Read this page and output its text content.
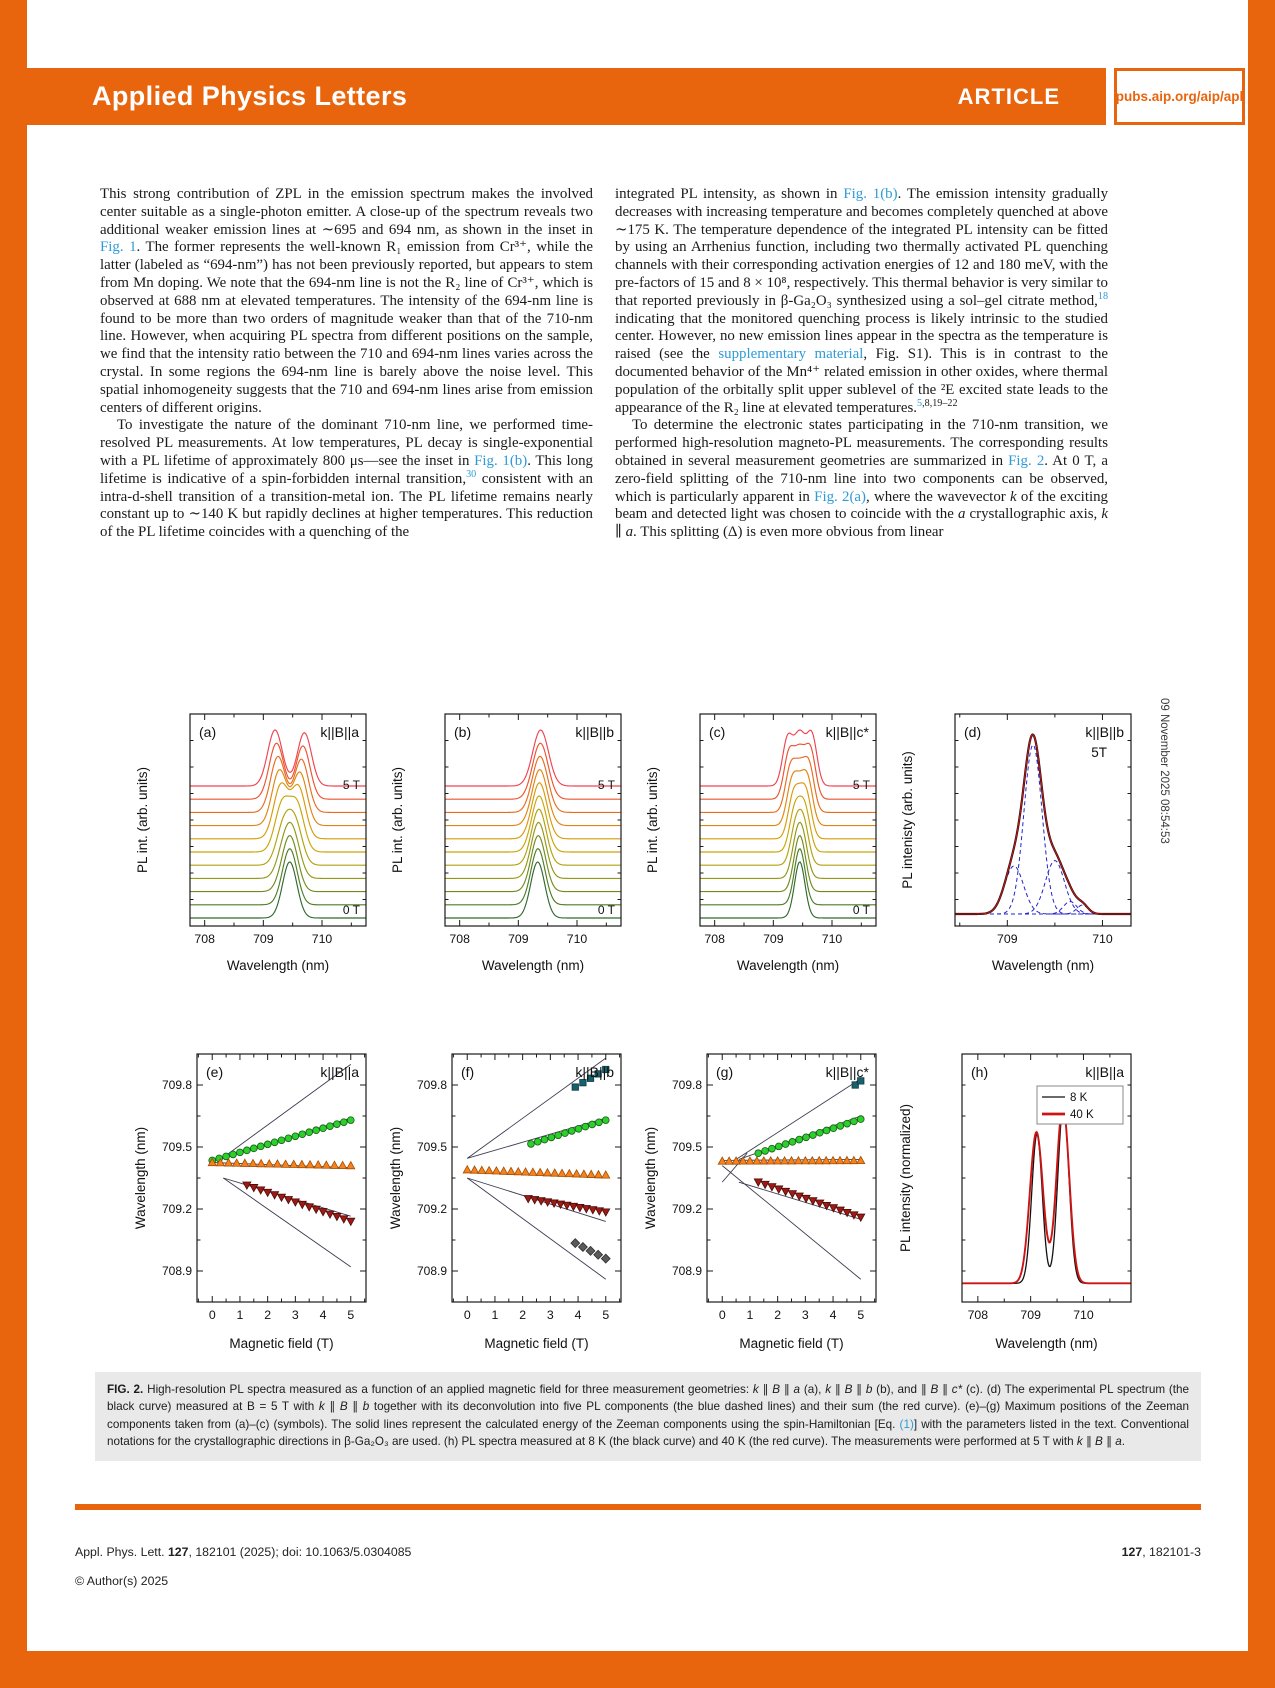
Applied Physics Letters	ARTICLE	pubs.aip.org/aip/apl

This strong contribution of ZPL in the emission spectrum makes the involved center suitable as a single-photon emitter. A close-up of the spectrum reveals two additional weaker emission lines at ∼695 and 694 nm, as shown in the inset in Fig. 1. The former represents the well-known R₁ emission from Cr³⁺, while the latter (labeled as “694-nm”) has not been previously reported, but appears to stem from Mn doping. We note that the 694-nm line is not the R₂ line of Cr³⁺, which is observed at 688 nm at elevated temperatures. The intensity of the 694-nm line is found to be more than two orders of magnitude weaker than that of the 710-nm line. However, when acquiring PL spectra from different positions on the sample, we find that the intensity ratio between the 710 and 694-nm lines varies across the crystal. In some regions the 694-nm line is barely above the noise level. This spatial inhomogeneity suggests that the 710 and 694-nm lines arise from emission centers of different origins.

To investigate the nature of the dominant 710-nm line, we performed time-resolved PL measurements. At low temperatures, PL decay is single-exponential with a PL lifetime of approximately 800 μs—see the inset in Fig. 1(b). This long lifetime is indicative of a spin-forbidden internal transition,$^{30}$ consistent with an intra-d-shell transition of a transition-metal ion. The PL lifetime remains nearly constant up to ∼140 K but rapidly declines at higher temperatures. This reduction of the PL lifetime coincides with a quenching of the

integrated PL intensity, as shown in Fig. 1(b). The emission intensity gradually decreases with increasing temperature and becomes completely quenched at above ∼175 K. The temperature dependence of the integrated PL intensity can be fitted by using an Arrhenius function, including two thermally activated PL quenching channels with their corresponding activation energies of 12 and 180 meV, with the pre-factors of 15 and 8 × 10⁸, respectively. This thermal behavior is very similar to that reported previously in β-Ga₂O₃ synthesized using a sol–gel citrate method,$^{18}$ indicating that the monitored quenching process is likely intrinsic to the studied center. However, no new emission lines appear in the spectra as the temperature is raised (see the supplementary material, Fig. S1). This is in contrast to the documented behavior of the Mn⁴⁺ related emission in other oxides, where thermal population of the orbitally split upper sublevel of the ²E excited state leads to the appearance of the R₂ line at elevated temperatures.$^{5,8,19-22}$

To determine the electronic states participating in the 710-nm transition, we performed high-resolution magneto-PL measurements. The corresponding results obtained in several measurement geometries are summarized in Fig. 2. At 0 T, a zero-field splitting of the 710-nm line into two components can be observed, which is particularly apparent in Fig. 2(a), where the wavevector k of the exciting beam and detected light was chosen to coincide with the a crystallographic axis, k ∥ a. This splitting (Δ) is even more obvious from linear

708	709	710
(a)	k||B||a
5 T
0 T
Wavelength (nm)
PL int. (arb. units)
708	709	710
(b)	k||B||b
5 T
0 T
Wavelength (nm)
PL int. (arb. units)
708	709	710
(c)	k||B||c*
5 T
0 T
Wavelength (nm)
PL int. (arb. units)
709	710
(d)	k||B||b
5T
Wavelength (nm)
PL intenisty (arb. units)
0 1 2 3 4 5
708.9
709.2
709.5
709.8
(e)	k||B||a
Magnetic field (T)
Wavelength (nm)
0 1 2 3 4 5
708.9
709.2
709.5
709.8
(f)	k||B||b
Magnetic field (T)
Wavelength (nm)
0 1 2 3 4 5
708.9
709.2
709.5
709.8
(g)	k||B||c*
Magnetic field (T)
Wavelength (nm)
708	709	710
(h)	k||B||a
8 K
40 K
Wavelength (nm)
PL intensity (normalized)
FIG. 2. High-resolution PL spectra measured as a function of an applied magnetic field for three measurement geometries: k ∥ B ∥ a (a), k ∥ B ∥ b (b), and ∥ B ∥ c* (c). (d) The experimental PL spectrum (the black curve) measured at B = 5 T with k ∥ B ∥ b together with its deconvolution into five PL components (the blue dashed lines) and their sum (the red curve). (e)–(g) Maximum positions of the Zeeman components taken from (a)–(c) (symbols). The solid lines represent the calculated energy of the Zeeman components using the spin-Hamiltonian [Eq. (1)] with the parameters listed in the text. Conventional notations for the crystallographic directions in β-Ga₂O₃ are used. (h) PL spectra measured at 8 K (the black curve) and 40 K (the red curve). The measurements were performed at 5 T with k ∥ B ∥ a.
09 November 2025 08:54:53
Appl. Phys. Lett. 127, 182101 (2025); doi: 10.1063/5.0304085	127, 182101-3
© Author(s) 2025
